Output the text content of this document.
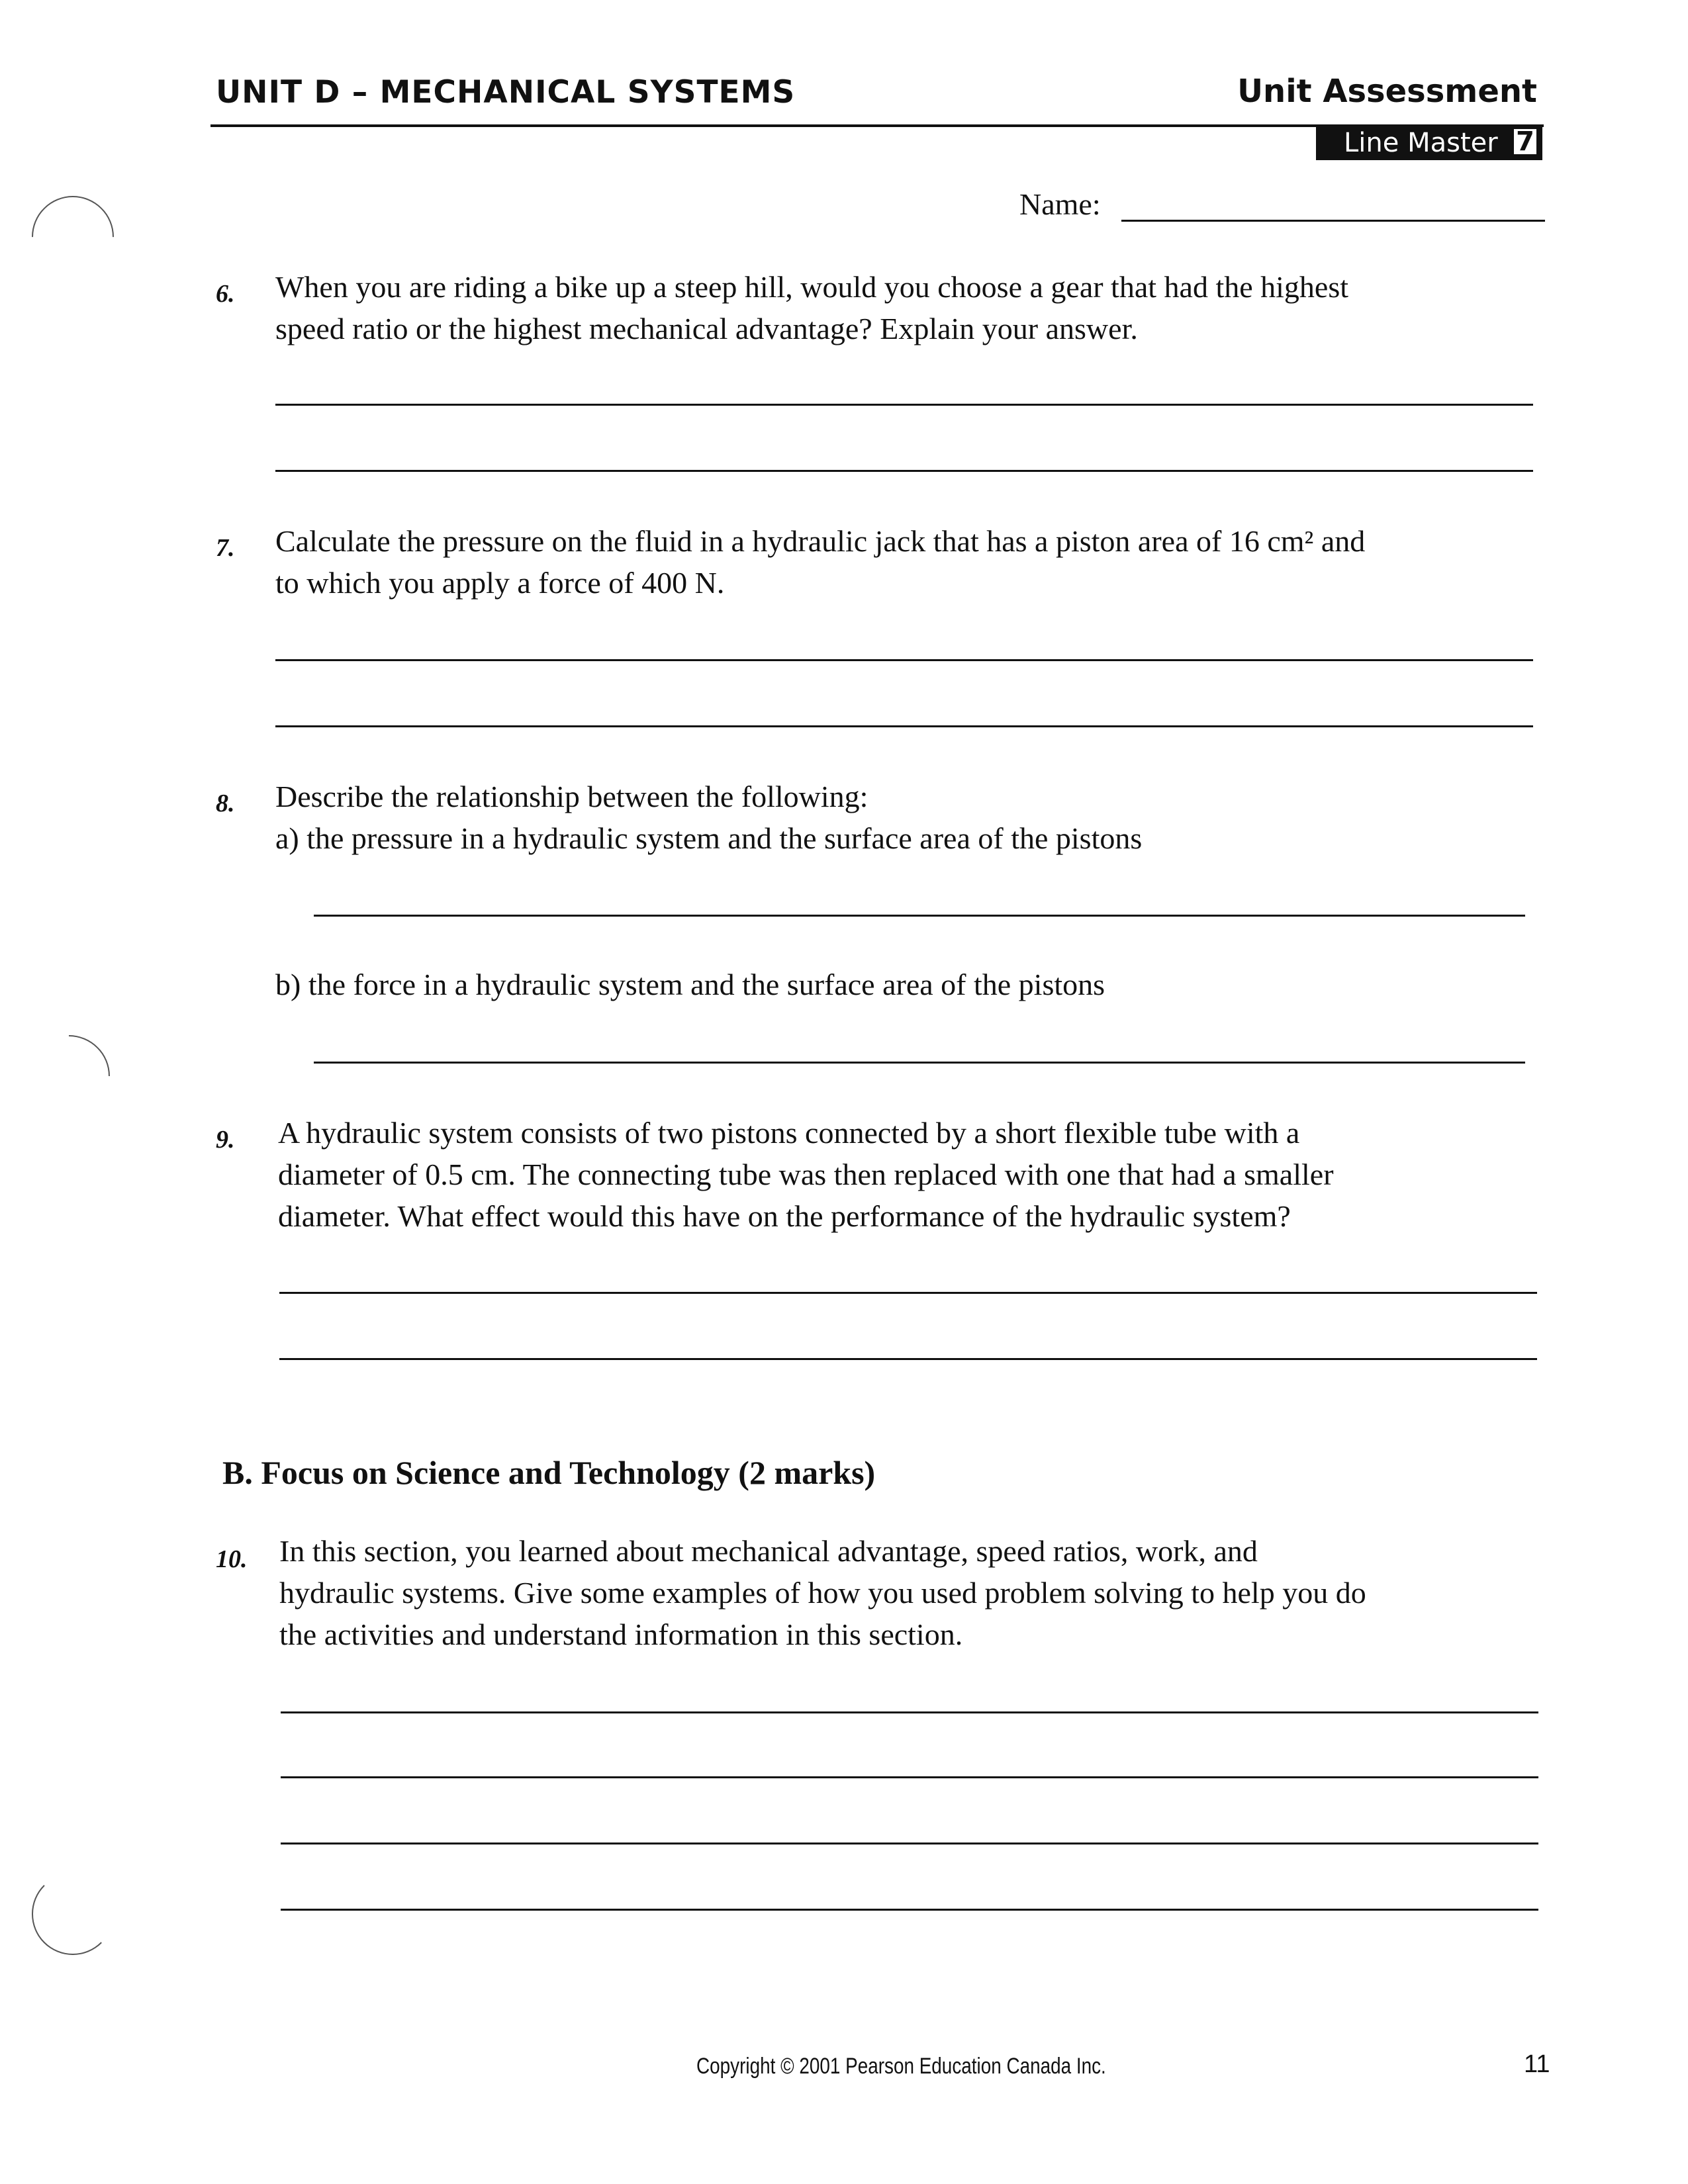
UNIT D – MECHANICAL SYSTEMS	Unit Assessment
Line Master 7
Name:
6. When you are riding a bike up a steep hill, would you choose a gear that had the highest
speed ratio or the highest mechanical advantage? Explain your answer.
7. Calculate the pressure on the fluid in a hydraulic jack that has a piston area of 16 cm² and
to which you apply a force of 400 N.
8. Describe the relationship between the following:
a) the pressure in a hydraulic system and the surface area of the pistons
b) the force in a hydraulic system and the surface area of the pistons
9. A hydraulic system consists of two pistons connected by a short flexible tube with a
diameter of 0.5 cm. The connecting tube was then replaced with one that had a smaller
diameter. What effect would this have on the performance of the hydraulic system?
B. Focus on Science and Technology (2 marks)
10. In this section, you learned about mechanical advantage, speed ratios, work, and
hydraulic systems. Give some examples of how you used problem solving to help you do
the activities and understand information in this section.
Copyright © 2001 Pearson Education Canada Inc.	11
